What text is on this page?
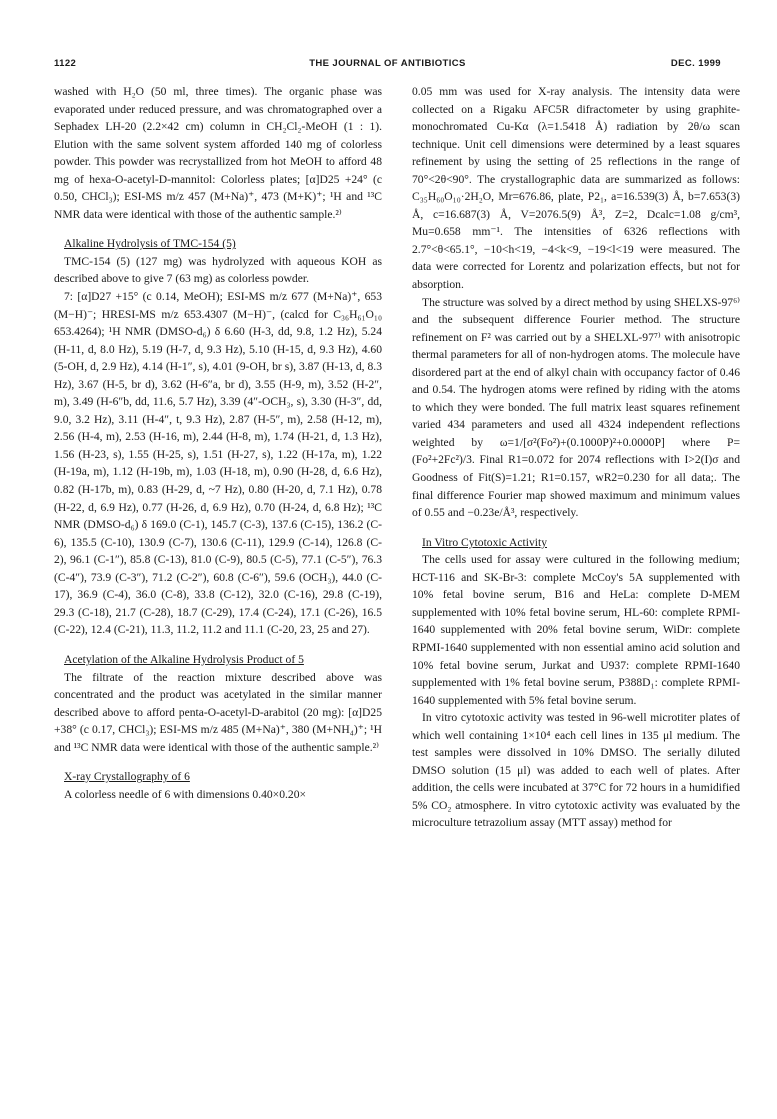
1122	THE JOURNAL OF ANTIBIOTICS	DEC. 1999

washed with H₂O (50 ml, three times). The organic phase was evaporated under reduced pressure, and was chromatographed over a Sephadex LH-20 (2.2×42 cm) column in CH₂Cl₂-MeOH (1 : 1). Elution with the same solvent system afforded 140 mg of colorless powder. This powder was recrystallized from hot MeOH to afford 48 mg of hexa-O-acetyl-D-mannitol: Colorless plates; [α]D25 +24° (c 0.50, CHCl₃); ESI-MS m/z 457 (M+Na)⁺, 473 (M+K)⁺; ¹H and ¹³C NMR data were identical with those of the authentic sample.²⁾

Alkaline Hydrolysis of TMC-154 (5)

TMC-154 (5) (127 mg) was hydrolyzed with aqueous KOH as described above to give 7 (63 mg) as colorless powder.

7: [α]D27 +15° (c 0.14, MeOH); ESI-MS m/z 677 (M+Na)⁺, 653 (M−H)⁻; HRESI-MS m/z 653.4307 (M−H)⁻, (calcd for C₃₆H₆₁O₁₀ 653.4264); ¹H NMR (DMSO-d₆) δ 6.60 (H-3, dd, 9.8, 1.2 Hz), 5.24 (H-11, d, 8.0 Hz), 5.19 (H-7, d, 9.3 Hz), 5.10 (H-15, d, 9.3 Hz), 4.60 (5-OH, d, 2.9 Hz), 4.14 (H-1″, s), 4.01 (9-OH, br s), 3.87 (H-13, d, 8.3 Hz), 3.67 (H-5, br d), 3.62 (H-6″a, br d), 3.55 (H-9, m), 3.52 (H-2″, m), 3.49 (H-6″b, dd, 11.6, 5.7 Hz), 3.39 (4″-OCH₃, s), 3.30 (H-3″, dd, 9.0, 3.2 Hz), 3.11 (H-4″, t, 9.3 Hz), 2.87 (H-5″, m), 2.58 (H-12, m), 2.56 (H-4, m), 2.53 (H-16, m), 2.44 (H-8, m), 1.74 (H-21, d, 1.3 Hz), 1.56 (H-23, s), 1.55 (H-25, s), 1.51 (H-27, s), 1.22 (H-17a, m), 1.22 (H-19a, m), 1.12 (H-19b, m), 1.03 (H-18, m), 0.90 (H-28, d, 6.6 Hz), 0.82 (H-17b, m), 0.83 (H-29, d, ~7 Hz), 0.80 (H-20, d, 7.1 Hz), 0.78 (H-22, d, 6.9 Hz), 0.77 (H-26, d, 6.9 Hz), 0.70 (H-24, d, 6.8 Hz); ¹³C NMR (DMSO-d₆) δ 169.0 (C-1), 145.7 (C-3), 137.6 (C-15), 136.2 (C-6), 135.5 (C-10), 130.9 (C-7), 130.6 (C-11), 129.9 (C-14), 126.8 (C-2), 96.1 (C-1″), 85.8 (C-13), 81.0 (C-9), 80.5 (C-5), 77.1 (C-5″), 76.3 (C-4″), 73.9 (C-3″), 71.2 (C-2″), 60.8 (C-6″), 59.6 (OCH₃), 44.0 (C-17), 36.9 (C-4), 36.0 (C-8), 33.8 (C-12), 32.0 (C-16), 29.8 (C-19), 29.3 (C-18), 21.7 (C-28), 18.7 (C-29), 17.4 (C-24), 17.1 (C-26), 16.5 (C-22), 12.4 (C-21), 11.3, 11.2, 11.2 and 11.1 (C-20, 23, 25 and 27).

Acetylation of the Alkaline Hydrolysis Product of 5

The filtrate of the reaction mixture described above was concentrated and the product was acetylated in the similar manner described above to afford penta-O-acetyl-D-arabitol (20 mg): [α]D25 +38° (c 0.17, CHCl₃); ESI-MS m/z 485 (M+Na)⁺, 380 (M+NH₄)⁺; ¹H and ¹³C NMR data were identical with those of the authentic sample.²⁾

X-ray Crystallography of 6

A colorless needle of 6 with dimensions 0.40×0.20×

0.05 mm was used for X-ray analysis. The intensity data were collected on a Rigaku AFC5R difractometer by using graphite-monochromated Cu-Kα (λ=1.5418 Å) radiation by 2θ/ω scan technique. Unit cell dimensions were determined by a least squares refinement by using the setting of 25 reflections in the range of 70°<2θ<90°. The crystallographic data are summarized as follows: C₃₅H₆₀O₁₀·2H₂O, Mr=676.86, plate, P2₁, a=16.539(3) Å, b=7.653(3) Å, c=16.687(3) Å, V=2076.5(9) Å³, Z=2, Dcalc=1.08 g/cm³, Mu=0.658 mm⁻¹. The intensities of 6326 reflections with 2.7°<θ<65.1°, −10<h<19, −4<k<9, −19<l<19 were measured. The data were corrected for Lorentz and polarization effects, but not for absorption.

The structure was solved by a direct method by using SHELXS-97⁶⁾ and the subsequent difference Fourier method. The structure refinement on F² was carried out by a SHELXL-97⁷⁾ with anisotropic thermal parameters for all of non-hydrogen atoms. The molecule have disordered part at the end of alkyl chain with occupancy factor of 0.46 and 0.54. The hydrogen atoms were refined by riding with the atoms to which they were bonded. The full matrix least squares refinement varied 434 parameters and used all 4324 independent reflections weighted by ω=1/[σ²(Fo²)+(0.1000P)²+0.0000P] where P=(Fo²+2Fc²)/3. Final R1=0.072 for 2074 reflections with I>2(I)σ and Goodness of Fit(S)=1.21; R1=0.157, wR2=0.230 for all data;. The final difference Fourier map showed maximum and minimum values of 0.55 and −0.23e/Å³, respectively.

In Vitro Cytotoxic Activity

The cells used for assay were cultured in the following medium; HCT-116 and SK-Br-3: complete McCoy's 5A supplemented with 10% fetal bovine serum, B16 and HeLa: complete D-MEM supplemented with 10% fetal bovine serum, HL-60: complete RPMI-1640 supplemented with 20% fetal bovine serum, WiDr: complete RPMI-1640 supplemented with non essential amino acid solution and 10% fetal bovine serum, Jurkat and U937: complete RPMI-1640 supplemented with 1% fetal bovine serum, P388D₁: complete RPMI-1640 supplemented with 5% fetal bovine serum.

In vitro cytotoxic activity was tested in 96-well microtiter plates of which well containing 1×10⁴ each cell lines in 135 μl medium. The test samples were dissolved in 10% DMSO. The serially diluted DMSO solution (15 μl) was added to each well of plates. After addition, the cells were incubated at 37°C for 72 hours in a humidified 5% CO₂ atmosphere. In vitro cytotoxic activity was evaluated by the microculture tetrazolium assay (MTT assay) method for
